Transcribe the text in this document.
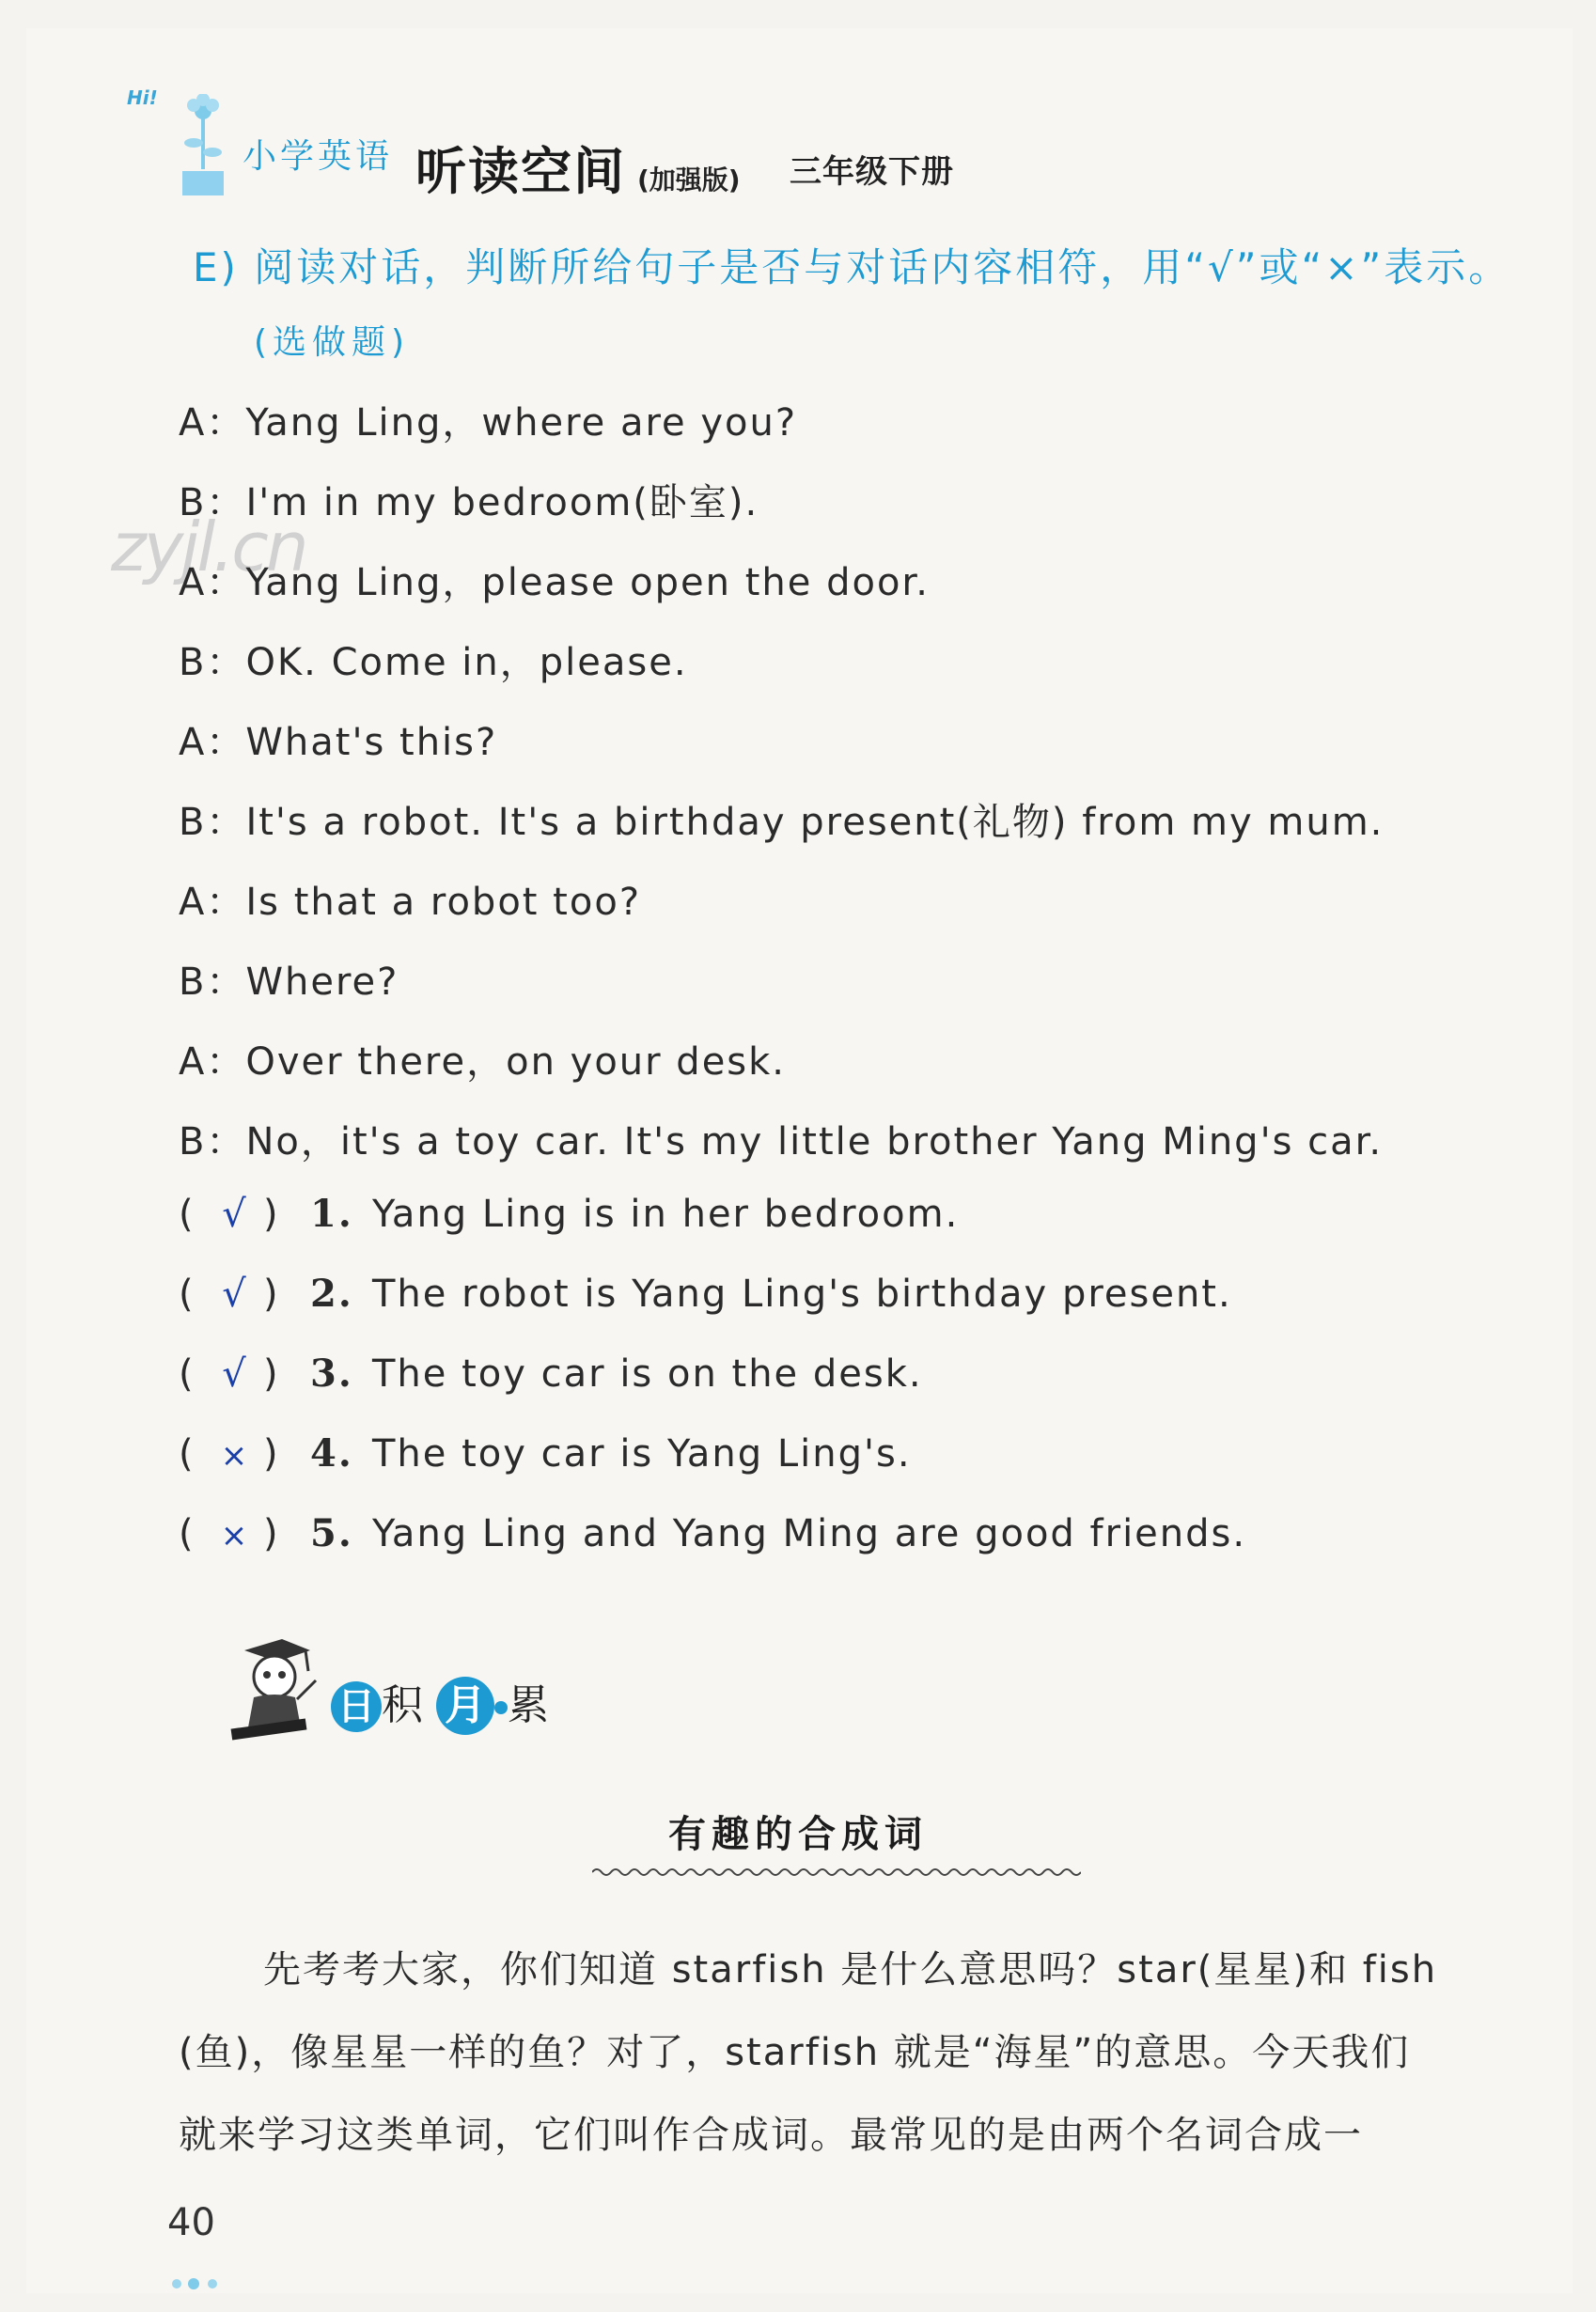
Hi!
小学英语 听读空间 (加强版) 三年级下册
E) 阅读对话，判断所给句子是否与对话内容相符，用“√”或“×”表示。
(选做题)
zyjl.cn
A：Yang Ling，where are you?
B：I'm in my bedroom(卧室).
A：Yang Ling，please open the door.
B：OK. Come in，please.
A：What's this?
B：It's a robot. It's a birthday present(礼物) from my mum.
A：Is that a robot too?
B：Where?
A：Over there，on your desk.
B：No，it's a toy car. It's my little brother Yang Ming's car.
( √ ) 1. Yang Ling is in her bedroom.
( √ ) 2. The robot is Yang Ling's birthday present.
( √ ) 3. The toy car is on the desk.
( × ) 4. The toy car is Yang Ling's.
( × ) 5. Yang Ling and Yang Ming are good friends.
日 积 月 累
有趣的合成词
先考考大家，你们知道 starfish 是什么意思吗？star(星星)和 fish
(鱼)，像星星一样的鱼？对了，starfish 就是“海星”的意思。今天我们
就来学习这类单词，它们叫作合成词。最常见的是由两个名词合成一
40
